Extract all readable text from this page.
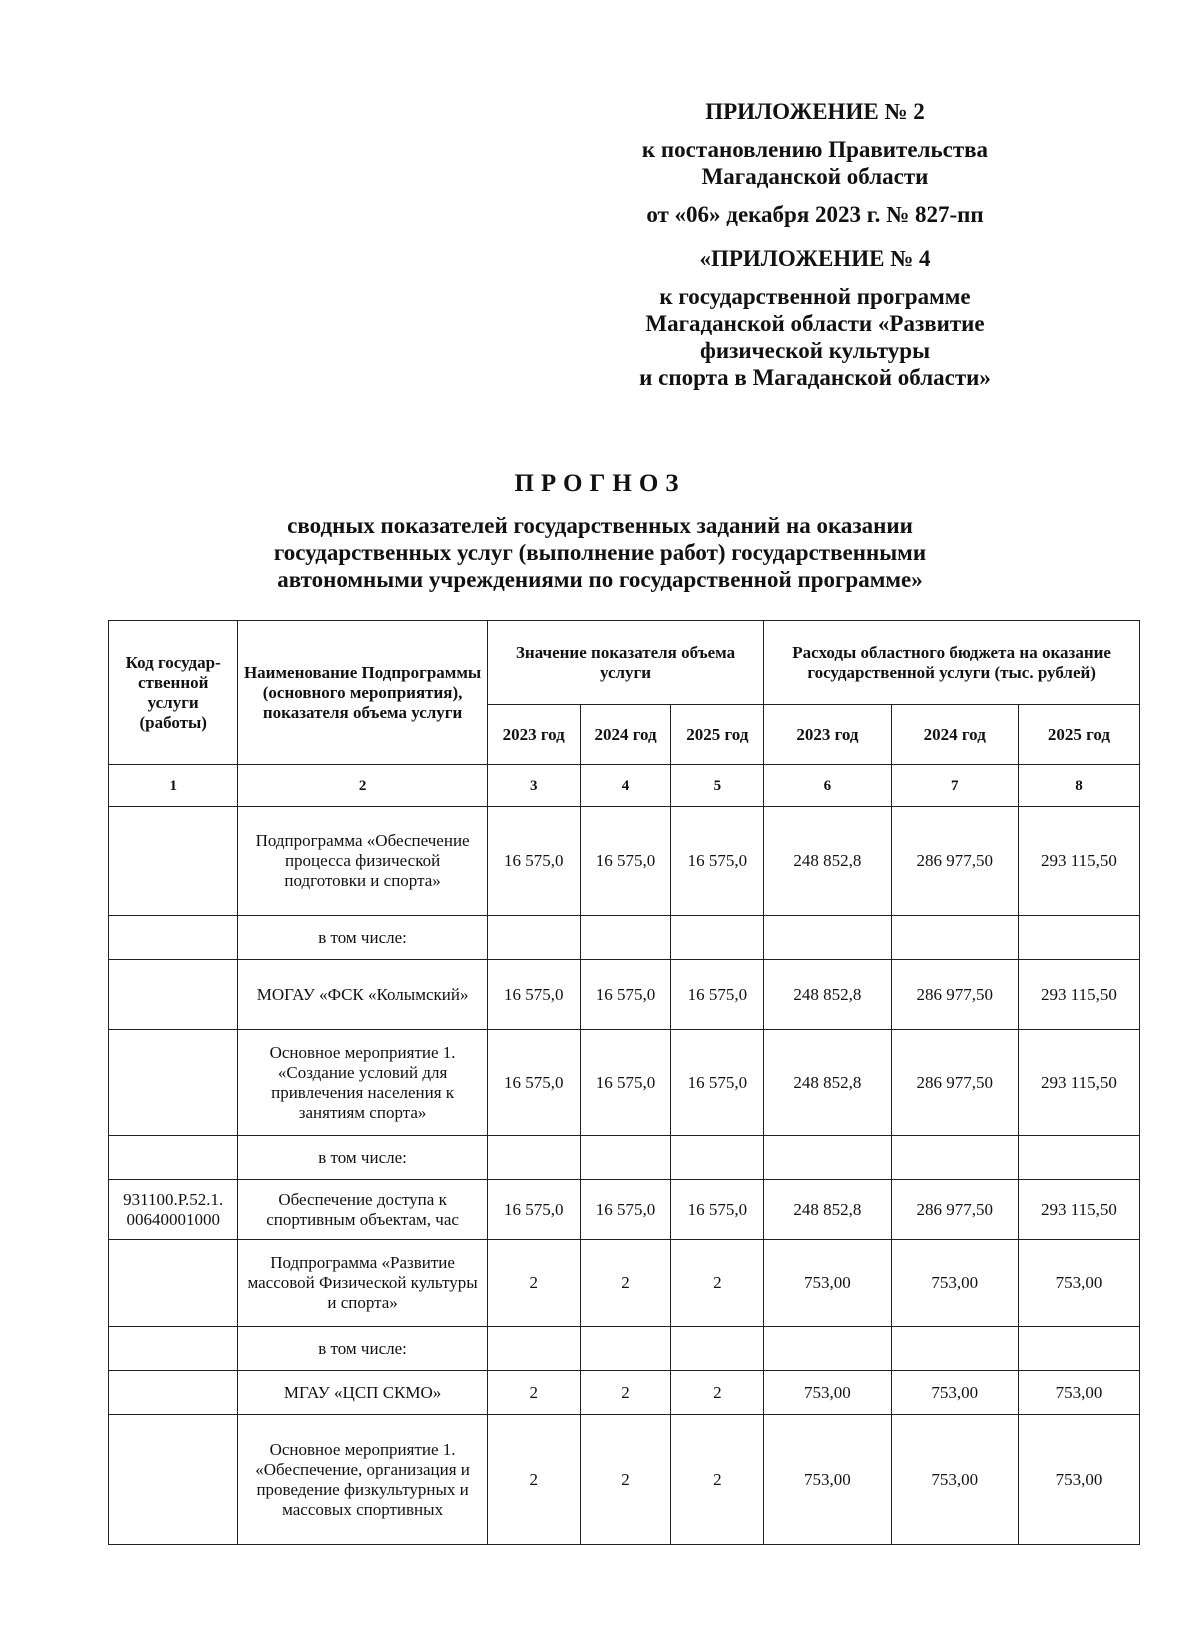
ПРИЛОЖЕНИЕ № 2
к постановлению Правительства
Магаданской области
от «06» декабря 2023 г. № 827-пп
«ПРИЛОЖЕНИЕ № 4
к государственной программе
Магаданской области «Развитие
физической культуры
и спорта в Магаданской области»
ПРОГНОЗ
сводных показателей государственных заданий на оказании
государственных услуг (выполнение работ) государственными
автономными учреждениями по государственной программе»
Код государ-ственной услуги (работы)	Наименование Подпрограммы (основного мероприятия), показателя объема услуги	Значение показателя объема услуги			Расходы областного бюджета на оказание государственной услуги (тыс. рублей)		
		2023 год	2024 год	2025 год	2023 год	2024 год	2025 год
1	2	3	4	5	6	7	8
	Подпрограмма «Обеспечение процесса физической подготовки и спорта»	16 575,0	16 575,0	16 575,0	248 852,8	286 977,50	293 115,50
	в том числе:						
	МОГАУ «ФСК «Колымский»	16 575,0	16 575,0	16 575,0	248 852,8	286 977,50	293 115,50
	Основное мероприятие 1. «Создание условий для привлечения населения к занятиям спорта»	16 575,0	16 575,0	16 575,0	248 852,8	286 977,50	293 115,50
	в том числе:						
931100.Р.52.1. 00640001000	Обеспечение доступа к спортивным объектам, час	16 575,0	16 575,0	16 575,0	248 852,8	286 977,50	293 115,50
	Подпрограмма «Развитие массовой Физической культуры и спорта»	2	2	2	753,00	753,00	753,00
	в том числе:						
	МГАУ «ЦСП СКМО»	2	2	2	753,00	753,00	753,00
	Основное мероприятие 1. «Обеспечение, организация и проведение физкультурных и массовых спортивных	2	2	2	753,00	753,00	753,00
